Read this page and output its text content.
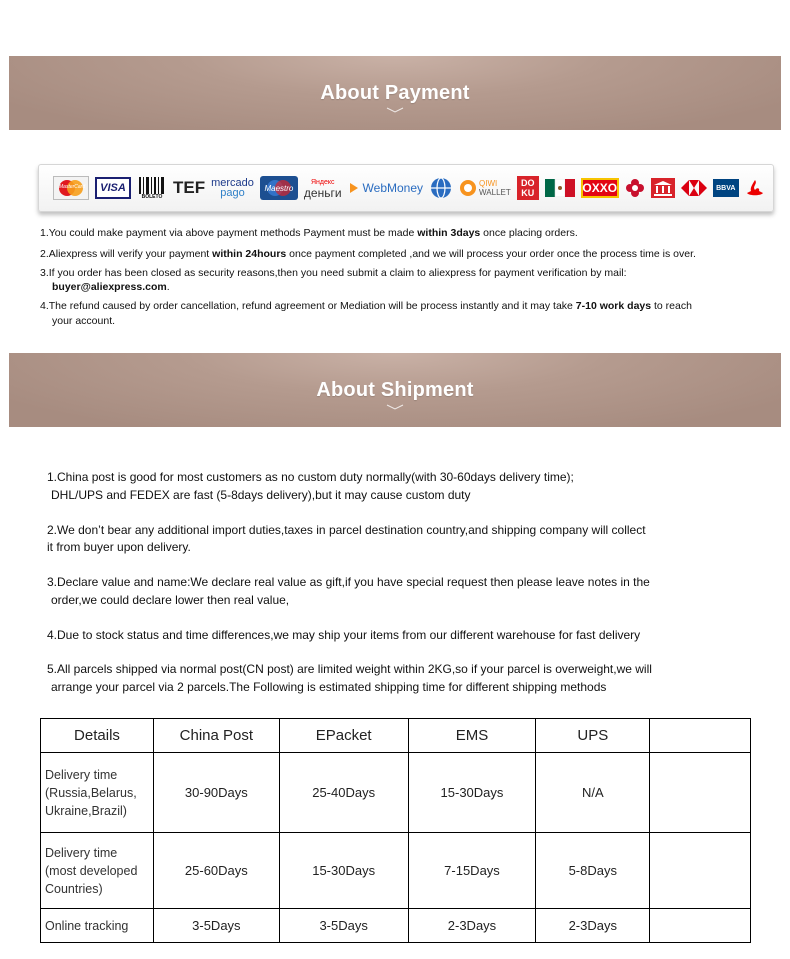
About Payment
MasterCard VISA
BOLETO TEF mercado
pago Maestro
Яндекс
деньги WebMoney	QIWI
WALLET
DO
KU	OXXO	BBVA
1.You could make payment via above payment methods Payment must be made within 3days once placing orders.
2.Aliexpress will verify your payment within 24hours once payment completed ,and we will process your order once the process time is over.
3.If you order has been closed as security reasons,then you need submit a claim to aliexpress for payment verification by mail:
buyer@aliexpress.com.
4.The refund caused by order cancellation, refund agreement or Mediation will be process instantly and it may take 7-10 work days to reach
your account.
About Shipment
1.China post is good for most customers as no custom duty normally(with 30-60days delivery time);
DHL/UPS and FEDEX are fast (5-8days delivery),but it may cause custom duty
2.We don’t bear any additional import duties,taxes in parcel destination country,and shipping company will collect
it from buyer upon delivery.
3.Declare value and name:We declare real value as gift,if you have special request then please leave notes in the
order,we could declare lower then real value,
4.Due to stock status and time differences,we may ship your items from our different warehouse for fast delivery
5.All parcels shipped via normal post(CN post) are limited weight within 2KG,so if your parcel is overweight,we will
arrange your parcel via 2 parcels.The Following is estimated shipping time for different shipping methods
Details	China Post	EPacket	EMS	UPS	

Delivery time
(Russia,Belarus,
Ukraine,Brazil)	30-90Days	25-40Days	15-30Days	N/A	

Delivery time
(most developed
Countries)	25-60Days	15-30Days	7-15Days	5-8Days	

Online tracking	3-5Days	3-5Days	2-3Days	2-3Days	
